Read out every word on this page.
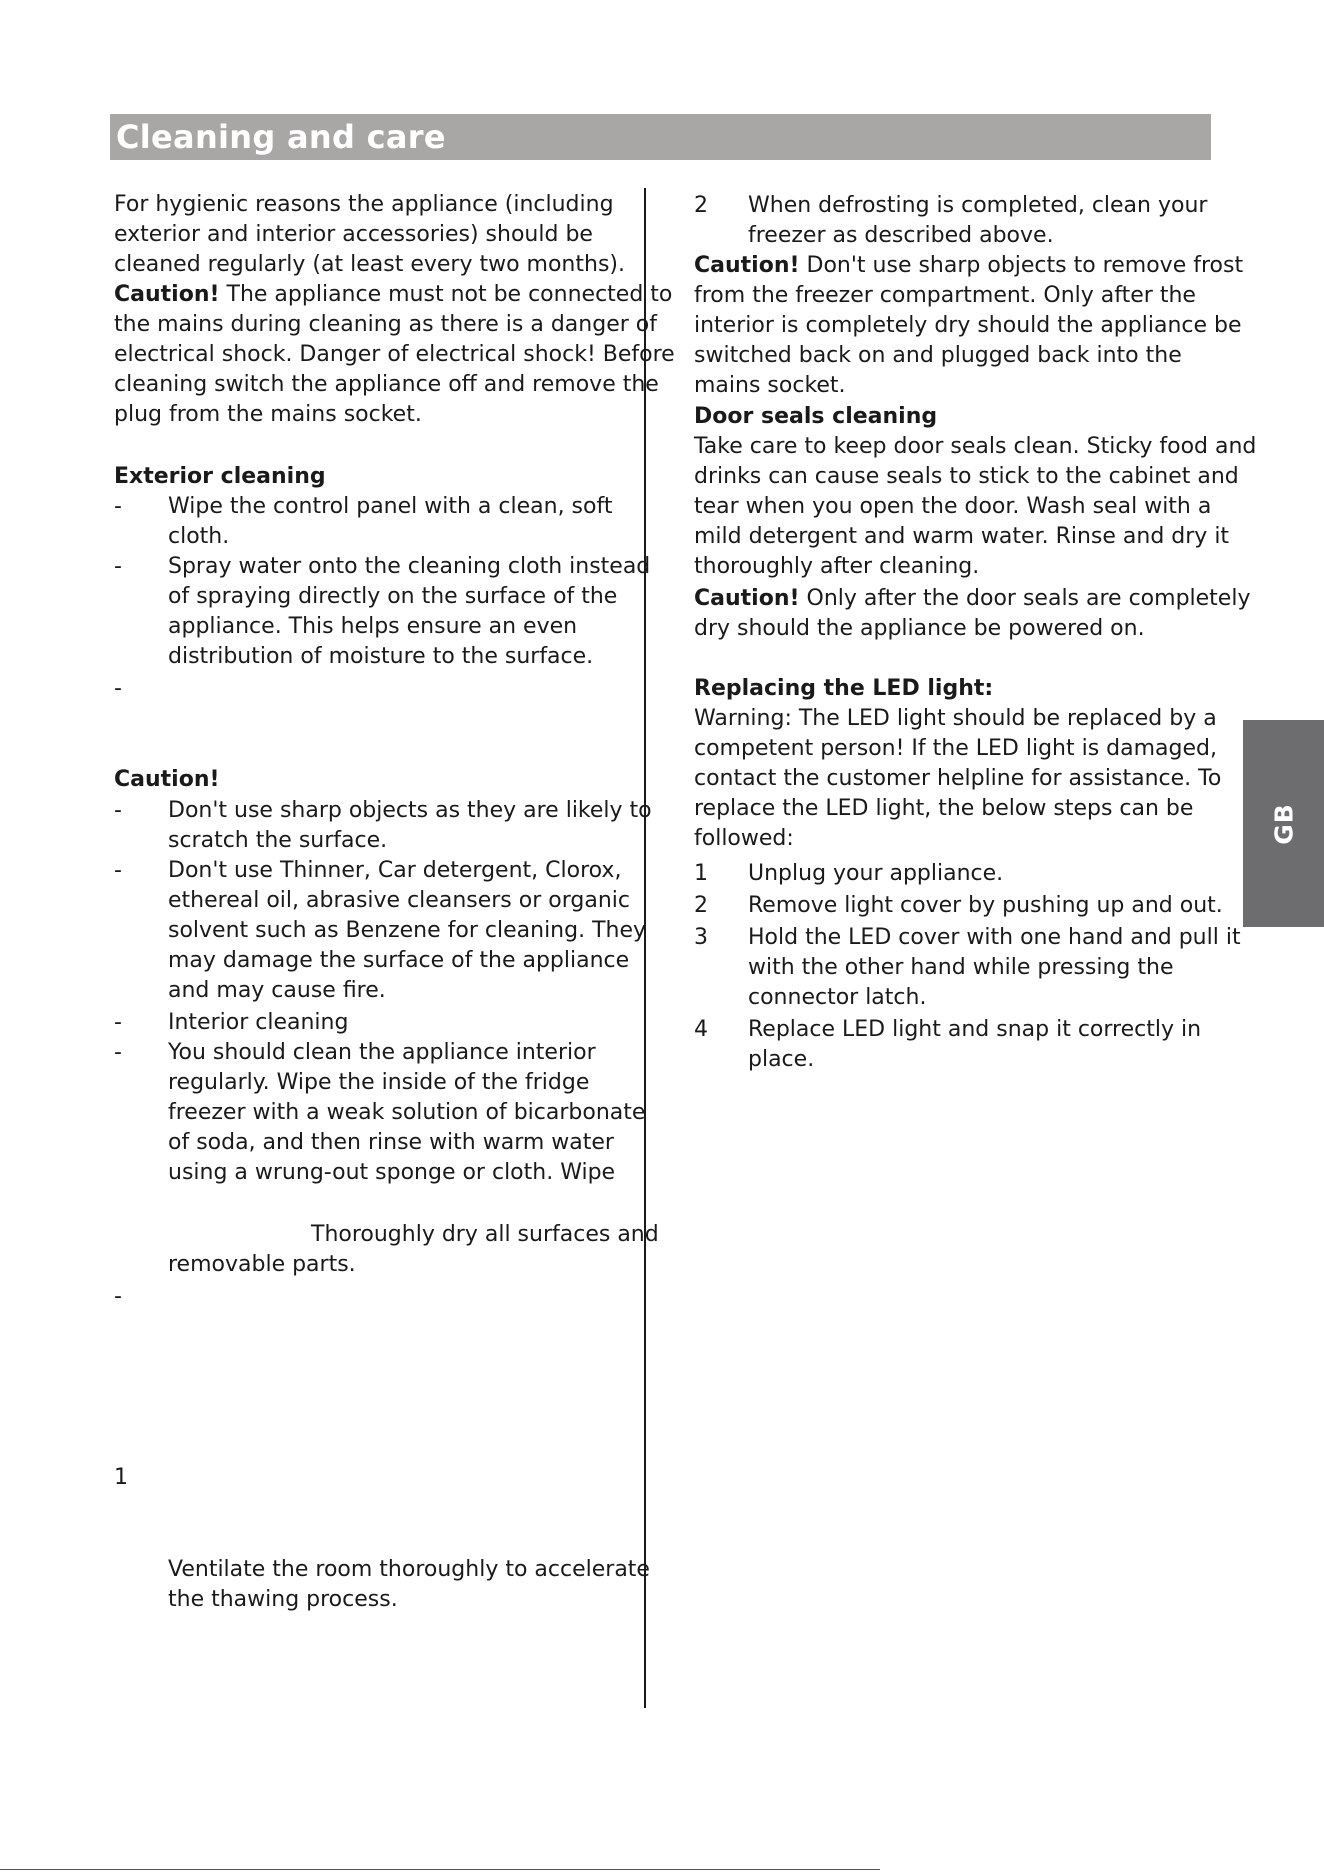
Cleaning and care
GB
For hygienic reasons the appliance (including
exterior and interior accessories) should be
cleaned regularly (at least every two months).
Caution! The appliance must not be connected to
the mains during cleaning as there is a danger of
electrical shock. Danger of electrical shock! Before
cleaning switch the appliance off and remove the
plug from the mains socket.
Exterior cleaning
- Wipe the control panel with a clean, soft
cloth.
- Spray water onto the cleaning cloth instead
of spraying directly on the surface of the
appliance. This helps ensure an even
distribution of moisture to the surface.
-
Caution!
- Don't use sharp objects as they are likely to
scratch the surface.
- Don't use Thinner, Car detergent, Clorox,
ethereal oil, abrasive cleansers or organic
solvent such as Benzene for cleaning. They
may damage the surface of the appliance
and may cause fire.
- Interior cleaning
- You should clean the appliance interior
regularly. Wipe the inside of the fridge
freezer with a weak solution of bicarbonate
of soda, and then rinse with warm water
using a wrung-out sponge or cloth. Wipe
Thoroughly dry all surfaces and
removable parts.
-
1
Ventilate the room thoroughly to accelerate
the thawing process.
2 When defrosting is completed, clean your
freezer as described above.
Caution! Don't use sharp objects to remove frost
from the freezer compartment. Only after the
interior is completely dry should the appliance be
switched back on and plugged back into the
mains socket.
Door seals cleaning
Take care to keep door seals clean. Sticky food and
drinks can cause seals to stick to the cabinet and
tear when you open the door. Wash seal with a
mild detergent and warm water. Rinse and dry it
thoroughly after cleaning.
Caution! Only after the door seals are completely
dry should the appliance be powered on.
Replacing the LED light:
Warning: The LED light should be replaced by a
competent person! If the LED light is damaged,
contact the customer helpline for assistance. To
replace the LED light, the below steps can be
followed:
1 Unplug your appliance.
2 Remove light cover by pushing up and out.
3 Hold the LED cover with one hand and pull it
with the other hand while pressing the
connector latch.
4 Replace LED light and snap it correctly in
place.
